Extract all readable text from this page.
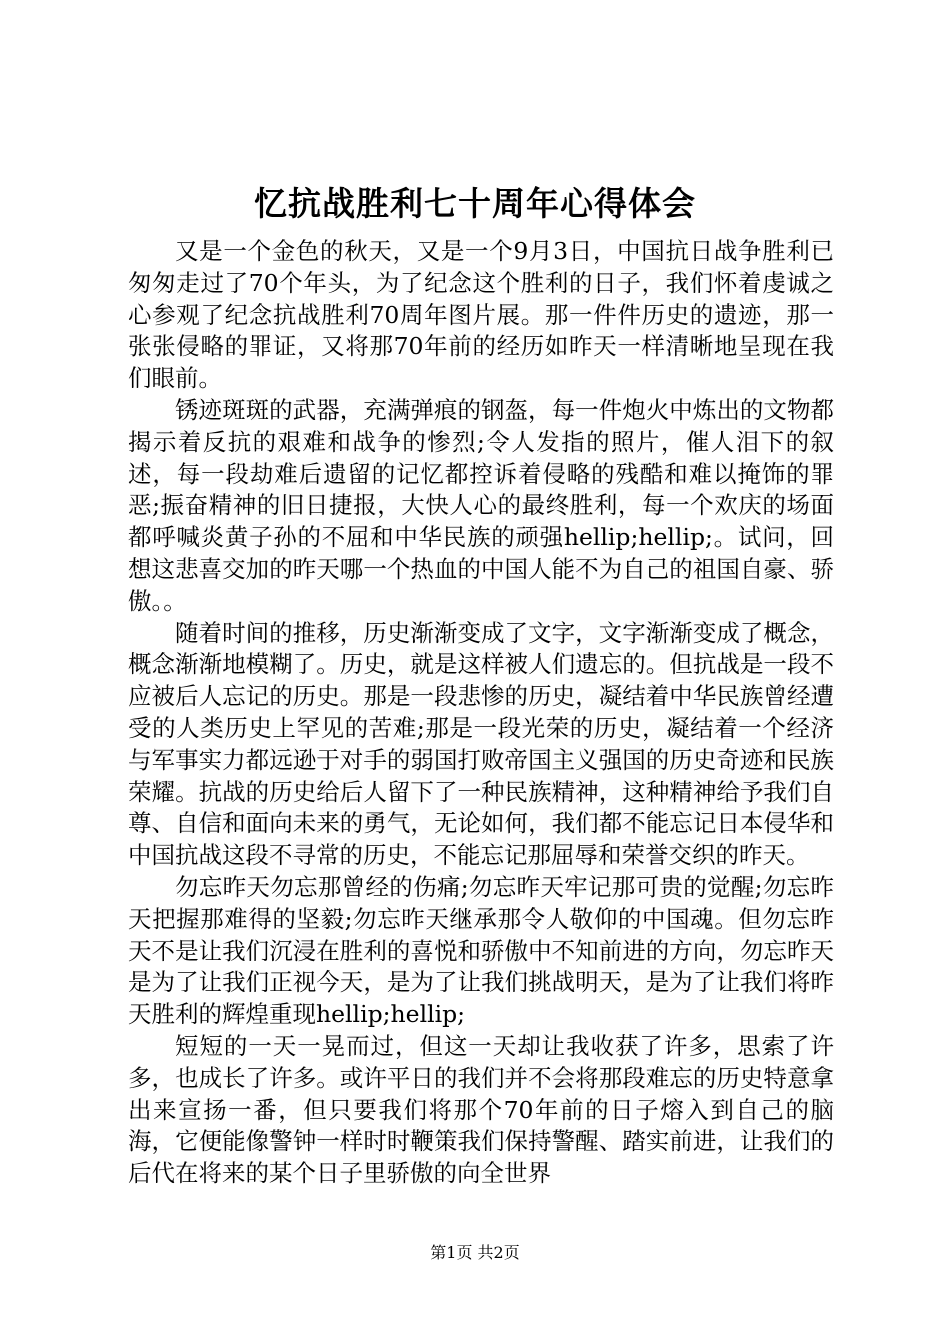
忆抗战胜利七十周年心得体会

又是一个金色的秋天，又是一个9月3日，中国抗日战争胜利已匆匆走过了70个年头，为了纪念这个胜利的日子，我们怀着虔诚之心参观了纪念抗战胜利70周年图片展。那一件件历史的遗迹，那一张张侵略的罪证，又将那70年前的经历如昨天一样清晰地呈现在我们眼前。

锈迹斑斑的武器，充满弹痕的钢盔，每一件炮火中炼出的文物都揭示着反抗的艰难和战争的惨烈;令人发指的照片，催人泪下的叙述，每一段劫难后遗留的记忆都控诉着侵略的残酷和难以掩饰的罪恶;振奋精神的旧日捷报，大快人心的最终胜利，每一个欢庆的场面都呼喊炎黄子孙的不屈和中华民族的顽强hellip;hellip;。试问，回想这悲喜交加的昨天哪一个热血的中国人能不为自己的祖国自豪、骄傲。。

随着时间的推移，历史渐渐变成了文字，文字渐渐变成了概念，概念渐渐地模糊了。历史，就是这样被人们遗忘的。但抗战是一段不应被后人忘记的历史。那是一段悲惨的历史，凝结着中华民族曾经遭受的人类历史上罕见的苦难;那是一段光荣的历史，凝结着一个经济与军事实力都远逊于对手的弱国打败帝国主义强国的历史奇迹和民族荣耀。抗战的历史给后人留下了一种民族精神，这种精神给予我们自尊、自信和面向未来的勇气，无论如何，我们都不能忘记日本侵华和中国抗战这段不寻常的历史，不能忘记那屈辱和荣誉交织的昨天。

勿忘昨天勿忘那曾经的伤痛;勿忘昨天牢记那可贵的觉醒;勿忘昨天把握那难得的坚毅;勿忘昨天继承那令人敬仰的中国魂。但勿忘昨天不是让我们沉浸在胜利的喜悦和骄傲中不知前进的方向，勿忘昨天是为了让我们正视今天，是为了让我们挑战明天，是为了让我们将昨天胜利的辉煌重现hellip;hellip;

短短的一天一晃而过，但这一天却让我收获了许多，思索了许多，也成长了许多。或许平日的我们并不会将那段难忘的历史特意拿出来宣扬一番，但只要我们将那个70年前的日子熔入到自己的脑海，它便能像警钟一样时时鞭策我们保持警醒、踏实前进，让我们的后代在将来的某个日子里骄傲的向全世界

第1页 共2页
